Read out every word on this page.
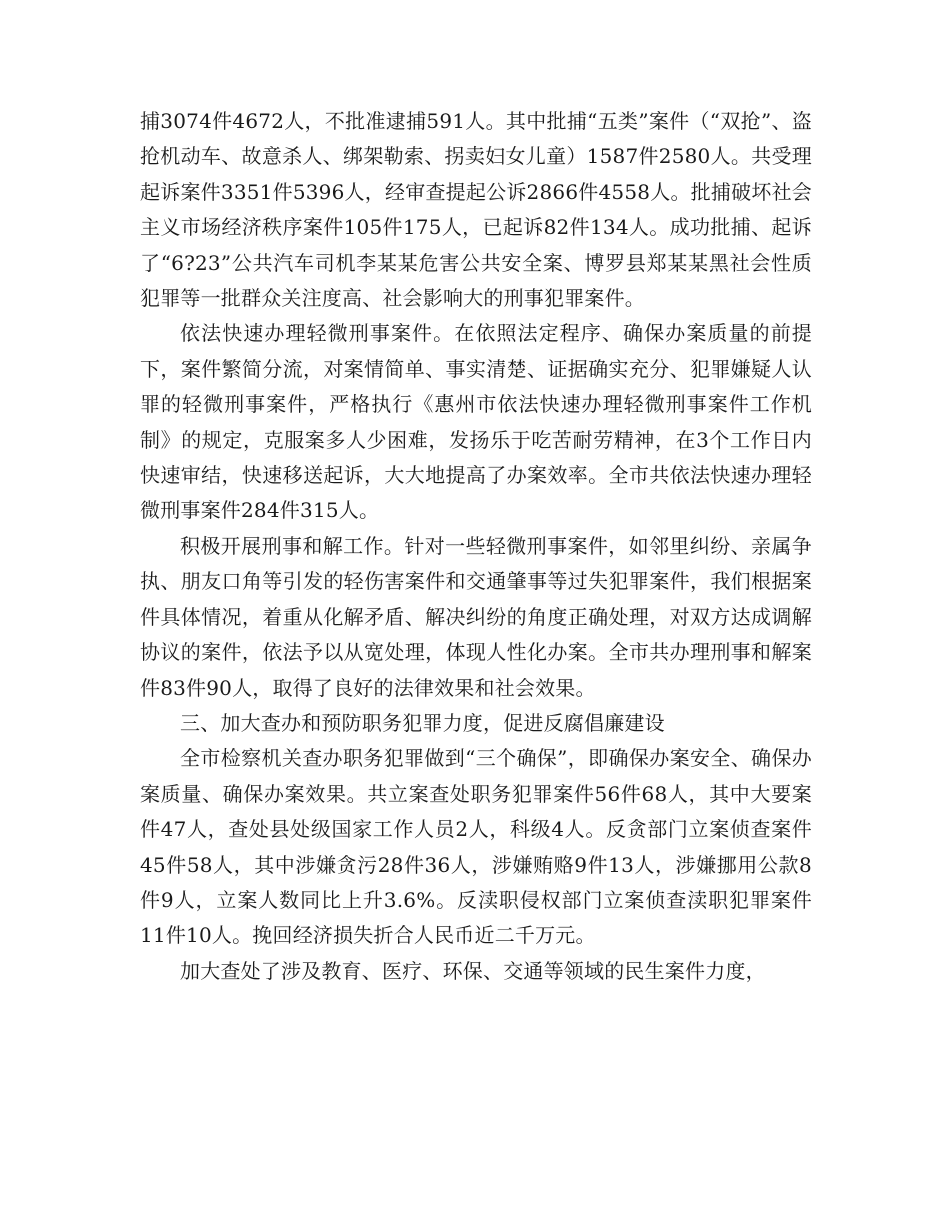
捕3074件4672人，不批准逮捕591人。其中批捕“五类”案件（“双抢”、盗抢机动车、故意杀人、绑架勒索、拐卖妇女儿童）1587件2580人。共受理起诉案件3351件5396人，经审查提起公诉2866件4558人。批捕破坏社会主义市场经济秩序案件105件175人，已起诉82件134人。成功批捕、起诉了“6?23”公共汽车司机李某某危害公共安全案、博罗县郑某某黑社会性质犯罪等一批群众关注度高、社会影响大的刑事犯罪案件。

依法快速办理轻微刑事案件。在依照法定程序、确保办案质量的前提下，案件繁简分流，对案情简单、事实清楚、证据确实充分、犯罪嫌疑人认罪的轻微刑事案件，严格执行《惠州市依法快速办理轻微刑事案件工作机制》的规定，克服案多人少困难，发扬乐于吃苦耐劳精神，在3个工作日内快速审结，快速移送起诉，大大地提高了办案效率。全市共依法快速办理轻微刑事案件284件315人。

积极开展刑事和解工作。针对一些轻微刑事案件，如邻里纠纷、亲属争执、朋友口角等引发的轻伤害案件和交通肇事等过失犯罪案件，我们根据案件具体情况，着重从化解矛盾、解决纠纷的角度正确处理，对双方达成调解协议的案件，依法予以从宽处理，体现人性化办案。全市共办理刑事和解案件83件90人，取得了良好的法律效果和社会效果。

三、加大查办和预防职务犯罪力度，促进反腐倡廉建设

全市检察机关查办职务犯罪做到“三个确保”，即确保办案安全、确保办案质量、确保办案效果。共立案查处职务犯罪案件56件68人，其中大要案件47人，查处县处级国家工作人员2人，科级4人。反贪部门立案侦查案件45件58人，其中涉嫌贪污28件36人，涉嫌贿赂9件13人，涉嫌挪用公款8件9人，立案人数同比上升3.6%。反渎职侵权部门立案侦查渎职犯罪案件11件10人。挽回经济损失折合人民币近二千万元。

加大查处了涉及教育、医疗、环保、交通等领域的民生案件力度，
